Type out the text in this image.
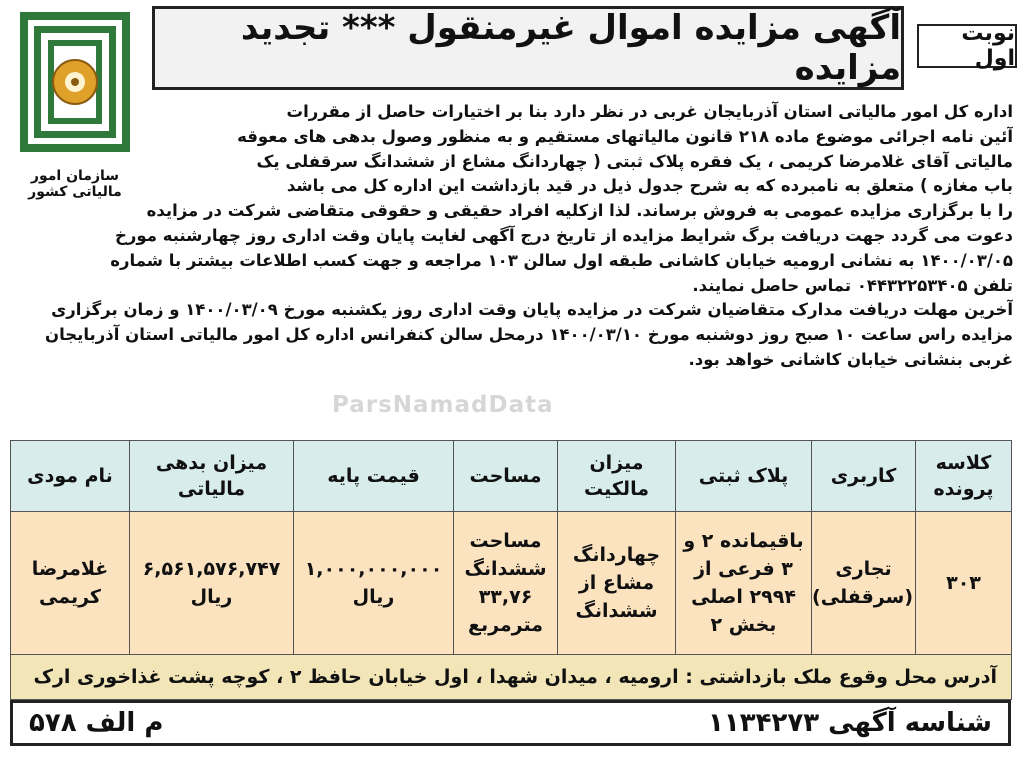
نوبت اول
آگهی مزایده اموال غیرمنقول *** تجدید مزایده
سازمان امور مالیاتی کشور
اداره کل امور مالیاتی استان آذربایجان غربی در نظر دارد بنا بر اختیارات حاصل از مقررات
آئین نامه اجرائی موضوع ماده ۲۱۸ قانون مالیاتهای مستقیم و به منظور وصول بدهی های معوقه
مالیاتی آقای غلامرضا کریمی ، یک فقره پلاک ثبتی ( چهاردانگ مشاع از ششدانگ سرقفلی یک
باب مغازه ) متعلق به نامبرده که به شرح جدول ذیل در قید بازداشت این اداره کل می باشد
را با برگزاری مزایده عمومی به فروش برساند. لذا ازکلیه افراد حقیقی و حقوقی متقاضی شرکت در مزایده
دعوت می گردد جهت دریافت برگ شرایط مزایده از تاریخ درج آگهی لغایت پایان وقت اداری روز چهارشنبه مورخ
۱۴۰۰/۰۳/۰۵ به نشانی ارومیه خیابان کاشانی طبقه اول سالن ۱۰۳ مراجعه و جهت کسب اطلاعات بیشتر با شماره
تلفن ۰۴۴۳۲۲۵۳۴۰۵ تماس حاصل نمایند.
آخرین مهلت دریافت مدارک متقاضیان شرکت در مزایده پایان وقت اداری روز یکشنبه مورخ ۱۴۰۰/۰۳/۰۹ و زمان برگزاری
مزایده راس ساعت ۱۰ صبح روز دوشنبه مورخ ۱۴۰۰/۰۳/۱۰ درمحل سالن کنفرانس اداره کل امور مالیاتی استان آذربایجان
غربی بنشانی خیابان کاشانی خواهد بود.
ParsNamadData
کلاسه پرونده	کاربری	پلاک ثبتی	میزان مالکیت	مساحت	قیمت پایه	میزان بدهی مالیاتی	نام مودی
۳۰۳	تجاری (سرقفلی)	باقیمانده ۲ و ۳ فرعی از ۲۹۹۴ اصلی بخش ۲	چهاردانگ مشاع از ششدانگ	مساحت ششدانگ ۳۳,۷۶ مترمربع	۱,۰۰۰,۰۰۰,۰۰۰ ریال	۶,۵۶۱,۵۷۶,۷۴۷ ریال	غلامرضا کریمی
آدرس محل وقوع ملک بازداشتی : ارومیه ، میدان شهدا ، اول خیابان حافظ ۲ ، کوچه پشت غذاخوری ارک							
شناسه آگهی ۱۱۳۴۲۷۳
م الف ۵۷۸
